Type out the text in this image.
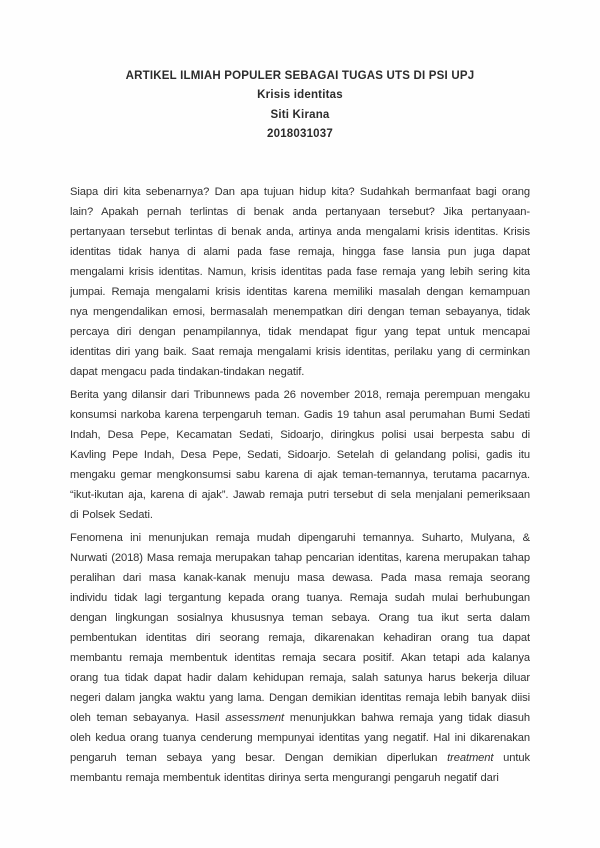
ARTIKEL ILMIAH POPULER SEBAGAI TUGAS UTS DI PSI UPJ
Krisis identitas
Siti Kirana
2018031037

Siapa diri kita sebenarnya? Dan apa tujuan hidup kita? Sudahkah bermanfaat bagi orang
lain? Apakah pernah terlintas di benak anda pertanyaan tersebut? Jika pertanyaan-
pertanyaan tersebut terlintas di benak anda, artinya anda mengalami krisis identitas. Krisis
identitas tidak hanya di alami pada fase remaja, hingga fase lansia pun juga dapat
mengalami krisis identitas. Namun, krisis identitas pada fase remaja yang lebih sering kita
jumpai. Remaja mengalami krisis identitas karena memiliki masalah dengan kemampuan
nya mengendalikan emosi, bermasalah menempatkan diri dengan teman sebayanya, tidak
percaya diri dengan penampilannya, tidak mendapat figur yang tepat untuk mencapai
identitas diri yang baik. Saat remaja mengalami krisis identitas, perilaku yang di cerminkan
dapat mengacu pada tindakan-tindakan negatif.

Berita yang dilansir dari Tribunnews pada 26 november 2018, remaja perempuan mengaku
konsumsi narkoba karena terpengaruh teman. Gadis 19 tahun asal perumahan Bumi Sedati
Indah, Desa Pepe, Kecamatan Sedati, Sidoarjo, diringkus polisi usai berpesta sabu di
Kavling Pepe Indah, Desa Pepe, Sedati, Sidoarjo. Setelah di gelandang polisi, gadis itu
mengaku gemar mengkonsumsi sabu karena di ajak teman-temannya, terutama pacarnya.
“ikut-ikutan aja, karena di ajak”. Jawab remaja putri tersebut di sela menjalani pemeriksaan
di Polsek Sedati.

Fenomena ini menunjukan remaja mudah dipengaruhi temannya. Suharto, Mulyana, &
Nurwati (2018) Masa remaja merupakan tahap pencarian identitas, karena merupakan tahap
peralihan dari masa kanak-kanak menuju masa dewasa. Pada masa remaja seorang
individu tidak lagi tergantung kepada orang tuanya. Remaja sudah mulai berhubungan
dengan lingkungan sosialnya khususnya teman sebaya. Orang tua ikut serta dalam
pembentukan identitas diri seorang remaja, dikarenakan kehadiran orang tua dapat
membantu remaja membentuk identitas remaja secara positif. Akan tetapi ada kalanya
orang tua tidak dapat hadir dalam kehidupan remaja, salah satunya harus bekerja diluar
negeri dalam jangka waktu yang lama. Dengan demikian identitas remaja lebih banyak diisi
oleh teman sebayanya. Hasil assessment menunjukkan bahwa remaja yang tidak diasuh
oleh kedua orang tuanya cenderung mempunyai identitas yang negatif. Hal ini dikarenakan
pengaruh teman sebaya yang besar. Dengan demikian diperlukan treatment untuk
membantu remaja membentuk identitas dirinya serta mengurangi pengaruh negatif dari
